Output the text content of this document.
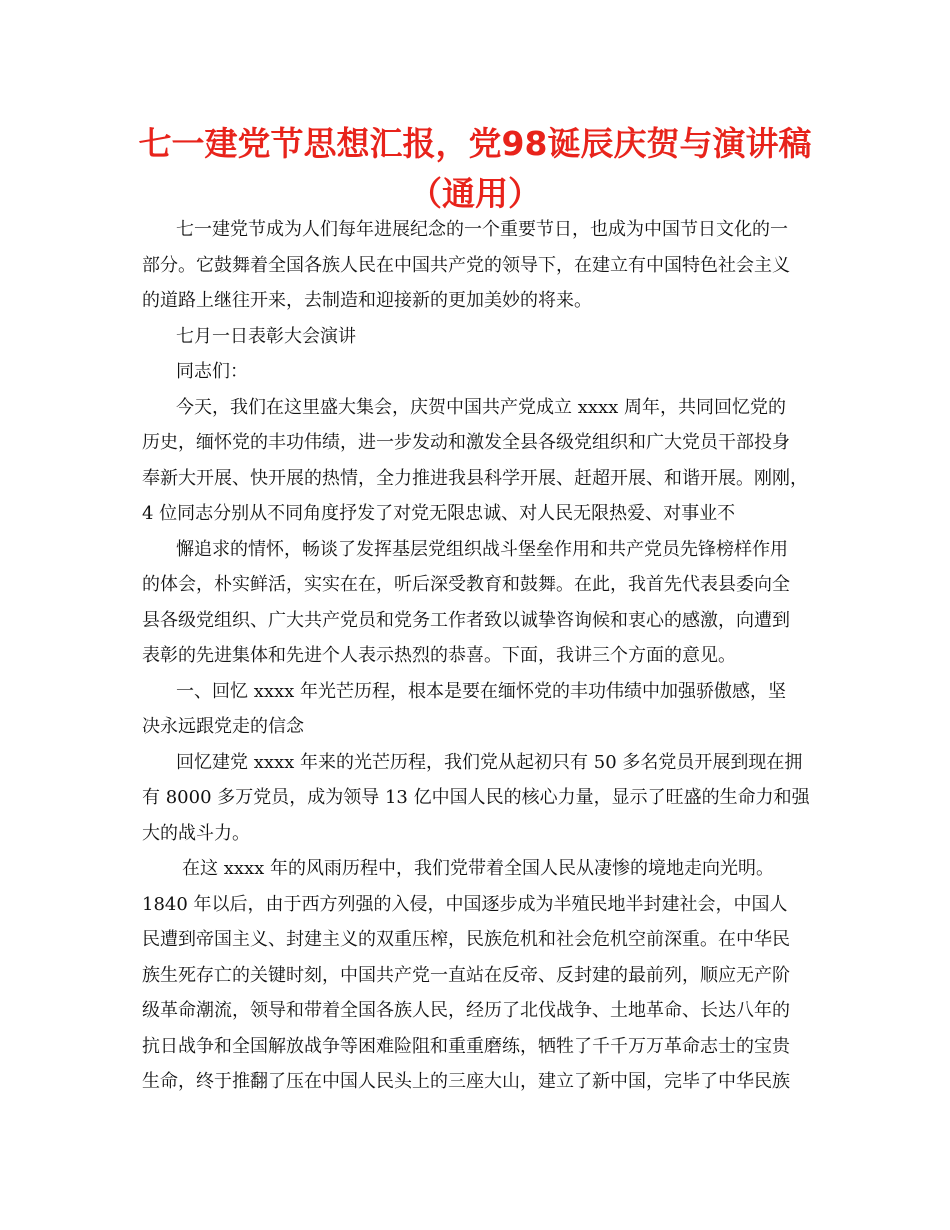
七一建党节思想汇报，党98诞辰庆贺与演讲稿
（通用）

七一建党节成为人们每年进展纪念的一个重要节日，也成为中国节日文化的一

部分。它鼓舞着全国各族人民在中国共产党的领导下，在建立有中国特色社会主义

的道路上继往开来，去制造和迎接新的更加美妙的将来。

七月一日表彰大会演讲

同志们：

今天，我们在这里盛大集会，庆贺中国共产党成立 xxxx 周年，共同回忆党的

历史，缅怀党的丰功伟绩，进一步发动和激发全县各级党组织和广大党员干部投身

奉新大开展、快开展的热情，全力推进我县科学开展、赶超开展、和谐开展。刚刚，

4 位同志分别从不同角度抒发了对党无限忠诚、对人民无限热爱、对事业不

懈追求的情怀，畅谈了发挥基层党组织战斗堡垒作用和共产党员先锋榜样作用

的体会，朴实鲜活，实实在在，听后深受教育和鼓舞。在此，我首先代表县委向全

县各级党组织、广大共产党员和党务工作者致以诚挚咨询候和衷心的感激，向遭到

表彰的先进集体和先进个人表示热烈的恭喜。下面，我讲三个方面的意见。

一、回忆 xxxx 年光芒历程，根本是要在缅怀党的丰功伟绩中加强骄傲感，坚

决永远跟党走的信念

回忆建党 xxxx 年来的光芒历程，我们党从起初只有 50 多名党员开展到现在拥

有 8000 多万党员，成为领导 13 亿中国人民的核心力量，显示了旺盛的生命力和强

大的战斗力。

在这 xxxx 年的风雨历程中，我们党带着全国人民从凄惨的境地走向光明。

1840 年以后，由于西方列强的入侵，中国逐步成为半殖民地半封建社会，中国人

民遭到帝国主义、封建主义的双重压榨，民族危机和社会危机空前深重。在中华民

族生死存亡的关键时刻，中国共产党一直站在反帝、反封建的最前列，顺应无产阶

级革命潮流，领导和带着全国各族人民，经历了北伐战争、土地革命、长达八年的

抗日战争和全国解放战争等困难险阻和重重磨练，牺牲了千千万万革命志士的宝贵

生命，终于推翻了压在中国人民头上的三座大山，建立了新中国，完毕了中华民族
